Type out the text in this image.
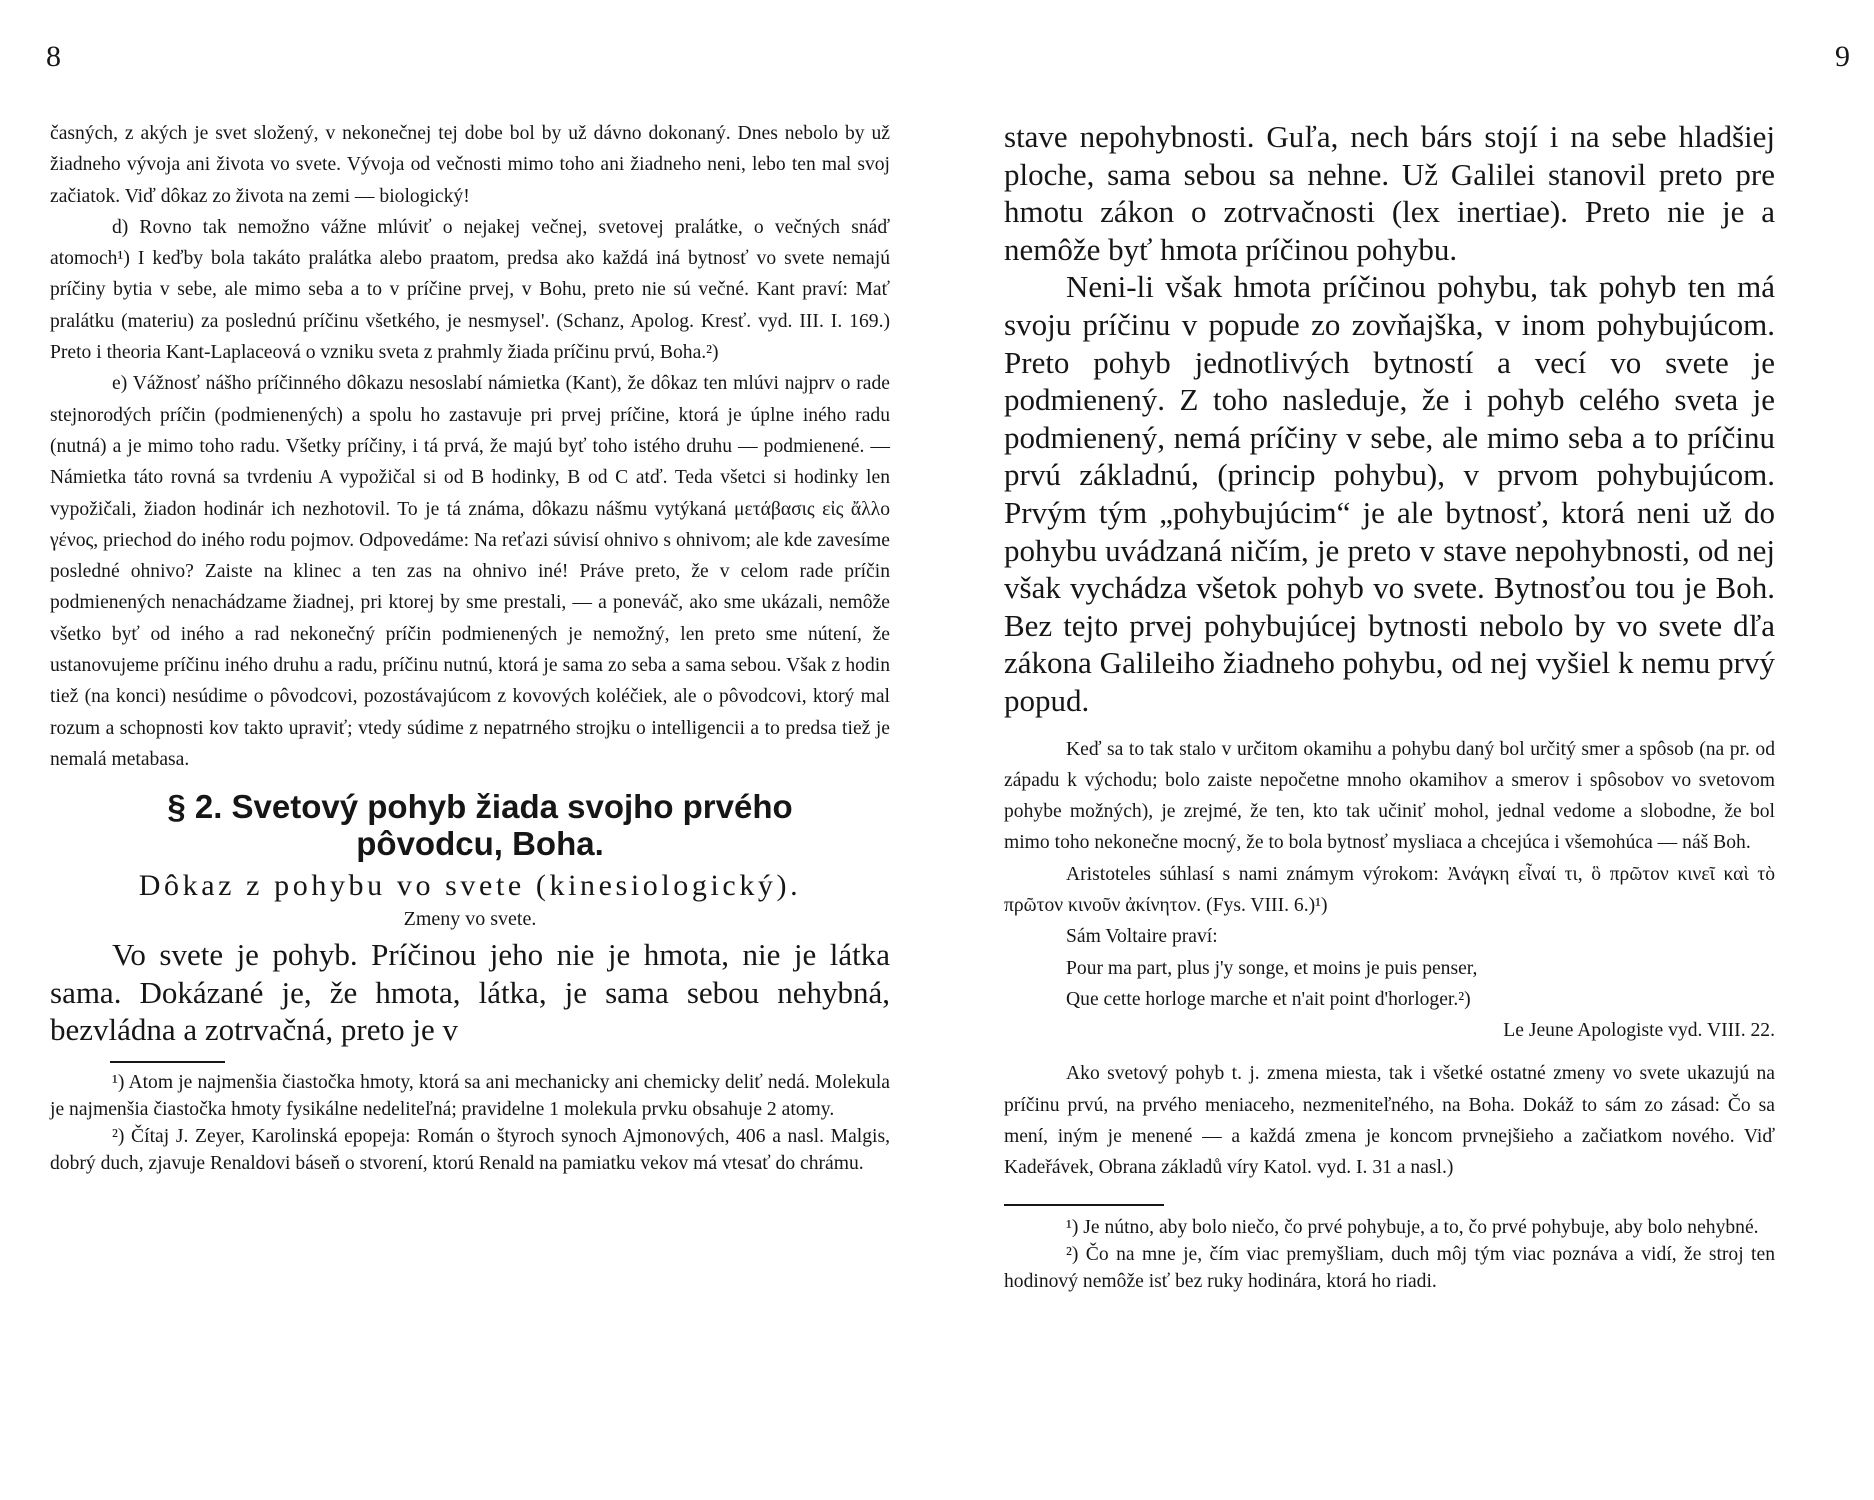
8

časných, z akých je svet složený, v nekonečnej tej dobe bol by už dávno dokonaný. Dnes nebolo by už žiadneho vývoja ani života vo svete. Vývoja od večnosti mimo toho ani žiadneho neni, lebo ten mal svoj začiatok. Viď dôkaz zo života na zemi — biologický!

d) Rovno tak nemožno vážne mlúviť o nejakej večnej, svetovej pralátke, o večných snáď atomoch¹) I keďby bola takáto pralátka alebo praatom, predsa ako každá iná bytnosť vo svete nemajú príčiny bytia v sebe, ale mimo seba a to v príčine prvej, v Bohu, preto nie sú večné. Kant praví: Mať pralátku (materiu) za poslednú príčinu všetkého, je nesmysel'. (Schanz, Apolog. Kresť. vyd. III. I. 169.) Preto i theoria Kant-Laplaceová o vzniku sveta z prahmly žiada príčinu prvú, Boha.²)

e) Vážnosť nášho príčinného dôkazu nesoslabí námietka (Kant), že dôkaz ten mlúvi najprv o rade stejnorodých príčin (podmienených) a spolu ho zastavuje pri prvej príčine, ktorá je úplne iného radu (nutná) a je mimo toho radu. Všetky príčiny, i tá prvá, že majú byť toho istého druhu — podmienené. — Námietka táto rovná sa tvrdeniu A vypožičal si od B hodinky, B od C atď. Teda všetci si hodinky len vypožičali, žiadon hodinár ich nezhotovil. To je tá známa, dôkazu nášmu vytýkaná μετάβασις εἰς ἄλλο γένος, priechod do iného rodu pojmov. Odpovedáme: Na reťazi súvisí ohnivo s ohnivom; ale kde zavesíme posledné ohnivo? Zaiste na klinec a ten zas na ohnivo iné! Práve preto, že v celom rade príčin podmienených nenachádzame žiadnej, pri ktorej by sme prestali, — a poneváč, ako sme ukázali, nemôže všetko byť od iného a rad nekonečný príčin podmienených je nemožný, len preto sme nútení, že ustanovujeme príčinu iného druhu a radu, príčinu nutnú, ktorá je sama zo seba a sama sebou. Však z hodin tiež (na konci) nesúdime o pôvodcovi, pozostávajúcom z kovových koléčiek, ale o pôvodcovi, ktorý mal rozum a schopnosti kov takto upraviť; vtedy súdime z nepatrného strojku o intelligencii a to predsa tiež je nemalá metabasa.

§ 2. Svetový pohyb žiada svojho prvého
pôvodcu, Boha.
Dôkaz z pohybu vo svete (kinesiologický).
Zmeny vo svete.

Vo svete je pohyb. Príčinou jeho nie je hmota, nie je látka sama. Dokázané je, že hmota, látka, je sama sebou nehybná, bezvládna a zotrvačná, preto je v

¹) Atom je najmenšia čiastočka hmoty, ktorá sa ani mechanicky ani chemicky deliť nedá. Molekula je najmenšia čiastočka hmoty fysikálne nedeliteľná; pravidelne 1 molekula prvku obsahuje 2 atomy.

²) Čítaj J. Zeyer, Karolinská epopeja: Román o štyroch synoch Ajmonových, 406 a nasl. Malgis, dobrý duch, zjavuje Renaldovi báseň o stvorení, ktorú Renald na pamiatku vekov má vtesať do chrámu.

9

stave nepohybnosti. Guľa, nech bárs stojí i na sebe hladšiej ploche, sama sebou sa nehne. Už Galilei stanovil preto pre hmotu zákon o zotrvačnosti (lex inertiae). Preto nie je a nemôže byť hmota príčinou pohybu.

Neni-li však hmota príčinou pohybu, tak pohyb ten má svoju príčinu v popude zo zovňajška, v inom pohybujúcom. Preto pohyb jednotlivých bytností a vecí vo svete je podmienený. Z toho nasleduje, že i pohyb celého sveta je podmienený, nemá príčiny v sebe, ale mimo seba a to príčinu prvú základnú, (princip pohybu), v prvom pohybujúcom. Prvým tým „pohybujúcim“ je ale bytnosť, ktorá neni už do pohybu uvádzaná ničím, je preto v stave nepohybnosti, od nej však vychádza všetok pohyb vo svete. Bytnosťou tou je Boh. Bez tejto prvej pohybujúcej bytnosti nebolo by vo svete dľa zákona Galileiho žiadneho pohybu, od nej vyšiel k nemu prvý popud.

Keď sa to tak stalo v určitom okamihu a pohybu daný bol určitý smer a spôsob (na pr. od západu k východu; bolo zaiste nepočetne mnoho okamihov a smerov i spôsobov vo svetovom pohybe možných), je zrejmé, že ten, kto tak učiniť mohol, jednal vedome a slobodne, že bol mimo toho nekonečne mocný, že to bola bytnosť mysliaca a chcejúca i všemohúca — náš Boh.

Aristoteles súhlasí s nami známym výrokom: Ἀνάγκη εἶναί τι, ὃ πρῶτον κινεῖ καὶ τὸ πρῶτον κινοῦν ἀκίνητον. (Fys. VIII. 6.)¹)

Sám Voltaire praví:
Pour ma part, plus j'y songe, et moins je puis penser,
Que cette horloge marche et n'ait point d'horloger.²)
Le Jeune Apologiste vyd. VIII. 22.

Ako svetový pohyb t. j. zmena miesta, tak i všetké ostatné zmeny vo svete ukazujú na príčinu prvú, na prvého meniaceho, nezmeniteľného, na Boha. Dokáž to sám zo zásad: Čo sa mení, iným je menené — a každá zmena je koncom prvnejšieho a začiatkom nového. Viď Kadeřávek, Obrana základů víry Katol. vyd. I. 31 a nasl.)

¹) Je nútno, aby bolo niečo, čo prvé pohybuje, a to, čo prvé pohybuje, aby bolo nehybné.

²) Čo na mne je, čím viac premyšliam, duch môj tým viac poznáva a vidí, že stroj ten hodinový nemôže isť bez ruky hodinára, ktorá ho riadi.
